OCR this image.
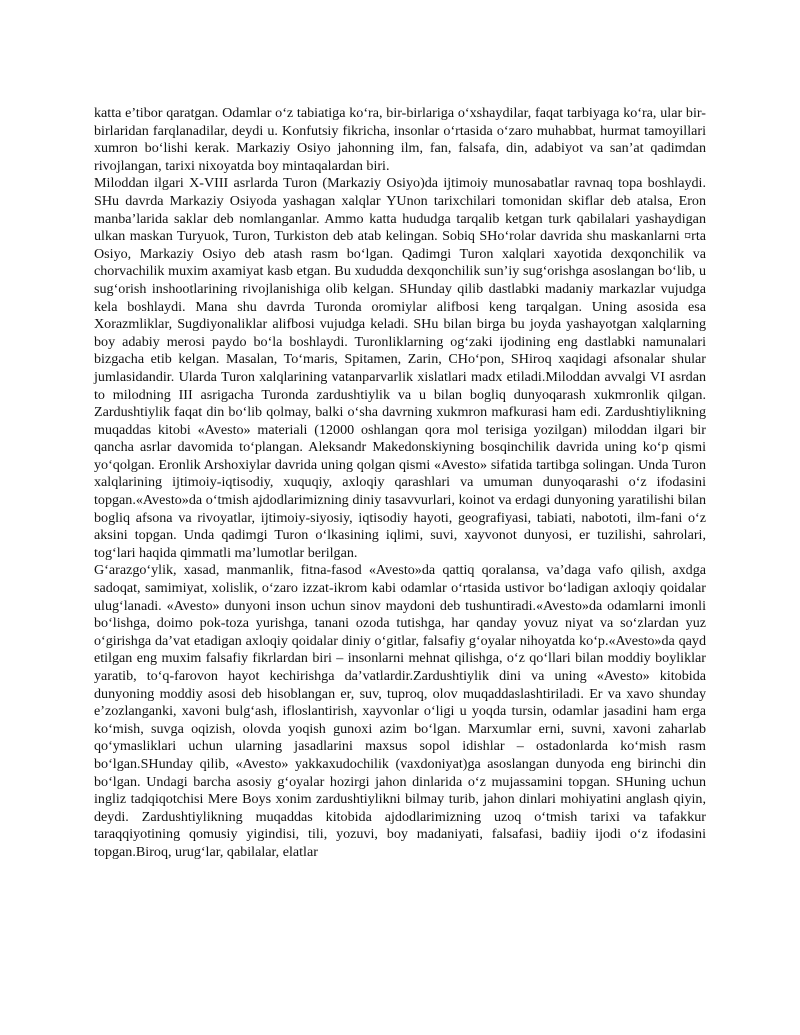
katta e’tibor qaratgan. Odamlar o‘z tabiatiga ko‘ra, bir-birlariga o‘xshaydilar, faqat tarbiyaga ko‘ra, ular bir-birlaridan farqlanadilar, deydi u. Konfutsiy fikricha, insonlar o‘rtasida o‘zaro muhabbat, hurmat tamoyillari xumron bo‘lishi kerak. Markaziy Osiyo jahonning ilm, fan, falsafa, din, adabiyot va san’at qadimdan rivojlangan, tarixi nixoyatda boy mintaqalardan biri.

Miloddan ilgari X-VIII asrlarda Turon (Markaziy Osiyo)da ijtimoiy munosabatlar ravnaq topa boshlaydi. SHu davrda Markaziy Osiyoda yashagan xalqlar YUnon tarixchilari tomonidan skiflar deb atalsa, Eron manba’larida saklar deb nomlanganlar. Ammo katta hududga tarqalib ketgan turk qabilalari yashaydigan ulkan maskan Turyuok, Turon, Turkiston deb atab kelingan. Sobiq SHo‘rolar davrida shu maskanlarni ¤rta Osiyo, Markaziy Osiyo deb atash rasm bo‘lgan. Qadimgi Turon xalqlari xayotida dexqonchilik va chorvachilik muxim axamiyat kasb etgan. Bu xududda dexqonchilik sun’iy sug‘orishga asoslangan bo‘lib, u sug‘orish inshootlarining rivojlanishiga olib kelgan. SHunday qilib dastlabki madaniy markazlar vujudga kela boshlaydi. Mana shu davrda Turonda oromiylar alifbosi keng tarqalgan. Uning asosida esa Xorazmliklar, Sugdiyonaliklar alifbosi vujudga keladi. SHu bilan birga bu joyda yashayotgan xalqlarning boy adabiy merosi paydo bo‘la boshlaydi. Turonliklarning og‘zaki ijodining eng dastlabki namunalari bizgacha etib kelgan. Masalan, To‘maris, Spitamen, Zarin, CHo‘pon, SHiroq xaqidagi afsonalar shular jumlasidandir. Ularda Turon xalqlarining vatanparvarlik xislatlari madx etiladi.Miloddan avvalgi VI asrdan to milodning III asrigacha Turonda zardushtiylik va u bilan bogliq dunyoqarash xukmronlik qilgan. Zardushtiylik faqat din bo‘lib qolmay, balki o‘sha davrning xukmron mafkurasi ham edi. Zardushtiylikning muqaddas kitobi «Avesto» materiali (12000 oshlangan qora mol terisiga yozilgan) miloddan ilgari bir qancha asrlar davomida to‘plangan. Aleksandr Makedonskiyning bosqinchilik davrida uning ko‘p qismi yo‘qolgan. Eronlik Arshoxiylar davrida uning qolgan qismi «Avesto» sifatida tartibga solingan. Unda Turon xalqlarining ijtimoiy-iqtisodiy, xuquqiy, axloqiy qarashlari va umuman dunyoqarashi o‘z ifodasini topgan.«Avesto»da o‘tmish ajdodlarimizning diniy tasavvurlari, koinot va erdagi dunyoning yaratilishi bilan bogliq afsona va rivoyatlar, ijtimoiy-siyosiy, iqtisodiy hayoti, geografiyasi, tabiati, nabototi, ilm-fani o‘z aksini topgan. Unda qadimgi Turon o‘lkasining iqlimi, suvi, xayvonot dunyosi, er tuzilishi, sahrolari, tog‘lari haqida qimmatli ma’lumotlar berilgan.

G‘arazgo‘ylik, xasad, manmanlik, fitna-fasod «Avesto»da qattiq qoralansa, va’daga vafo qilish, axdga sadoqat, samimiyat, xolislik, o‘zaro izzat-ikrom kabi odamlar o‘rtasida ustivor bo‘ladigan axloqiy qoidalar ulug‘lanadi. «Avesto» dunyoni inson uchun sinov maydoni deb tushuntiradi.«Avesto»da odamlarni imonli bo‘lishga, doimo pok-toza yurishga, tanani ozoda tutishga, har qanday yovuz niyat va so‘zlardan yuz o‘girishga da’vat etadigan axloqiy qoidalar diniy o‘gitlar, falsafiy g‘oyalar nihoyatda ko‘p.«Avesto»da qayd etilgan eng muxim falsafiy fikrlardan biri – insonlarni mehnat qilishga, o‘z qo‘llari bilan moddiy boyliklar yaratib, to‘q-farovon hayot kechirishga da’vatlardir.Zardushtiylik dini va uning «Avesto» kitobida dunyoning moddiy asosi deb hisoblangan er, suv, tuproq, olov muqaddaslashtiriladi. Er va xavo shunday e’zozlanganki, xavoni bulg‘ash, ifloslantirish, xayvonlar o‘ligi u yoqda tursin, odamlar jasadini ham erga ko‘mish, suvga oqizish, olovda yoqish gunoxi azim bo‘lgan. Marxumlar erni, suvni, xavoni zaharlab qo‘ymasliklari uchun ularning jasadlarini maxsus sopol idishlar – ostadonlarda ko‘mish rasm bo‘lgan.SHunday qilib, «Avesto» yakkaxudochilik (vaxdoniyat)ga asoslangan dunyoda eng birinchi din bo‘lgan. Undagi barcha asosiy g‘oyalar hozirgi jahon dinlarida o‘z mujassamini topgan. SHuning uchun ingliz tadqiqotchisi Mere Boys xonim zardushtiylikni bilmay turib, jahon dinlari mohiyatini anglash qiyin, deydi. Zardushtiylikning muqaddas kitobida ajdodlarimizning uzoq o‘tmish tarixi va tafakkur taraqqiyotining qomusiy yigindisi, tili, yozuvi, boy madaniyati, falsafasi, badiiy ijodi o‘z ifodasini topgan.Biroq, urug‘lar, qabilalar, elatlar
